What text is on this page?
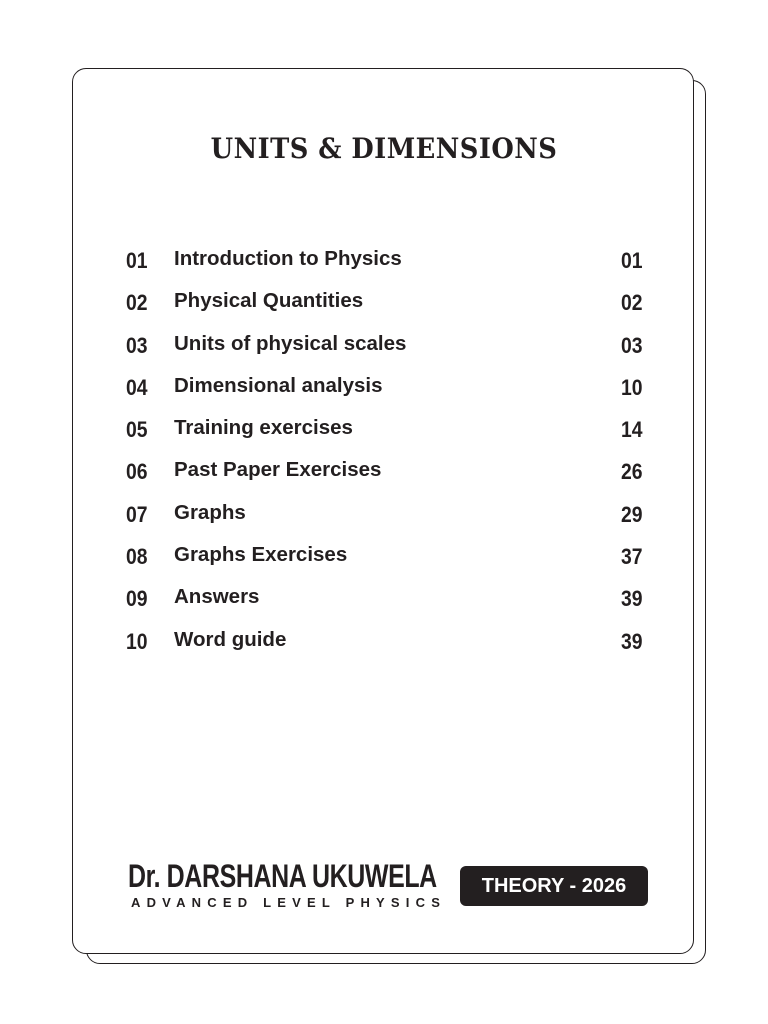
UNITS & DIMENSIONS
01 Introduction to Physics	01
02 Physical Quantities	02
03 Units of physical scales	03
04 Dimensional analysis	10
05 Training exercises	14
06 Past Paper Exercises	26
07 Graphs	29
08 Graphs Exercises	37
09 Answers	39
10 Word guide	39
Dr. DARSHANA UKUWELA
ADVANCED LEVEL PHYSICS
THEORY - 2026
